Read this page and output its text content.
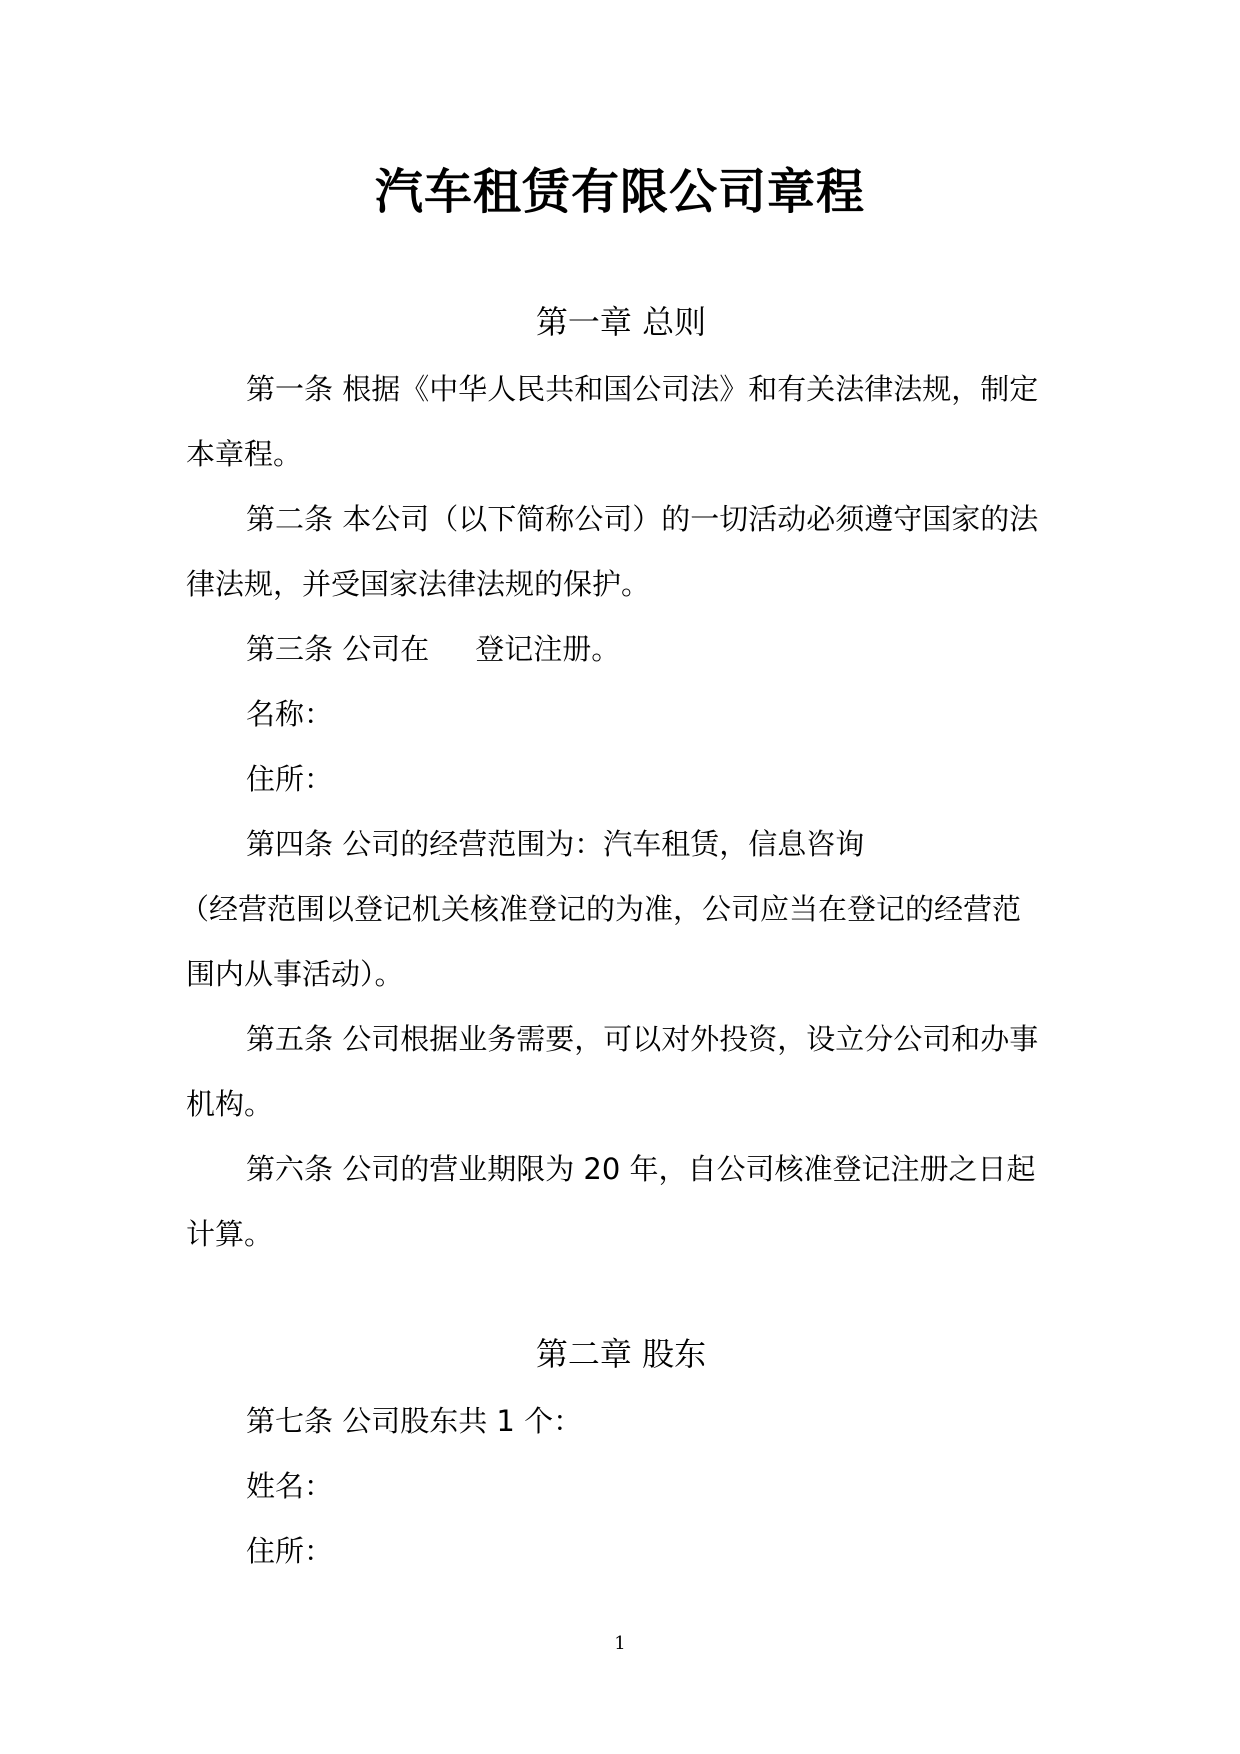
汽车租赁有限公司章程
第一章 总则
第一条 根据《中华人民共和国公司法》和有关法律法规，制定
本章程。
第二条 本公司（以下简称公司）的一切活动必须遵守国家的法
律法规，并受国家法律法规的保护。
第三条 公司在     登记注册。
名称：
住所：
第四条 公司的经营范围为：汽车租赁，信息咨询
（经营范围以登记机关核准登记的为准，公司应当在登记的经营范
围内从事活动）。
第五条 公司根据业务需要，可以对外投资，设立分公司和办事
机构。
第六条 公司的营业期限为 20 年，自公司核准登记注册之日起
计算。
第二章 股东
第七条 公司股东共 1 个：
姓名：
住所：
1
